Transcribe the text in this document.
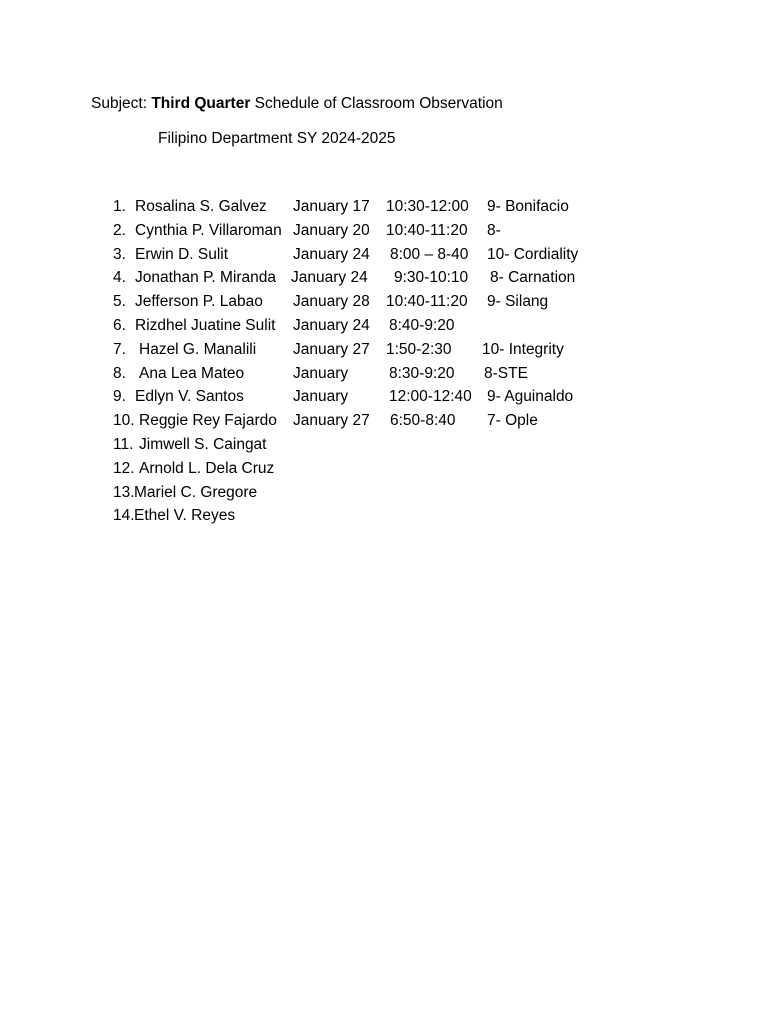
Subject: Third Quarter Schedule of Classroom Observation
Filipino Department SY 2024-2025
1. Rosalina S. Galvez January 17 10:30-12:00 9- Bonifacio
2. Cynthia P. Villaroman January 20 10:40-11:20 8-
3. Erwin D. Sulit	January 24 8:00 – 8-40 10- Cordiality
4. Jonathan P. Miranda January 24 9:30-10:10 8- Carnation
5. Jefferson P. Labao January 28 10:40-11:20 9- Silang
6. Rizdhel Juatine Sulit January 24 8:40-9:20
7. Hazel G. Manalili January 27 1:50-2:30 10- Integrity
8. Ana Lea Mateo	January	8:30-9:20 8-STE
9. Edlyn V. Santos	January	12:00-12:40 9- Aguinaldo
10. Reggie Rey Fajardo January 27 6:50-8:40 7- Ople
11. Jimwell S. Caingat
12. Arnold L. Dela Cruz
13. Mariel C. Gregore
14. Ethel V. Reyes
